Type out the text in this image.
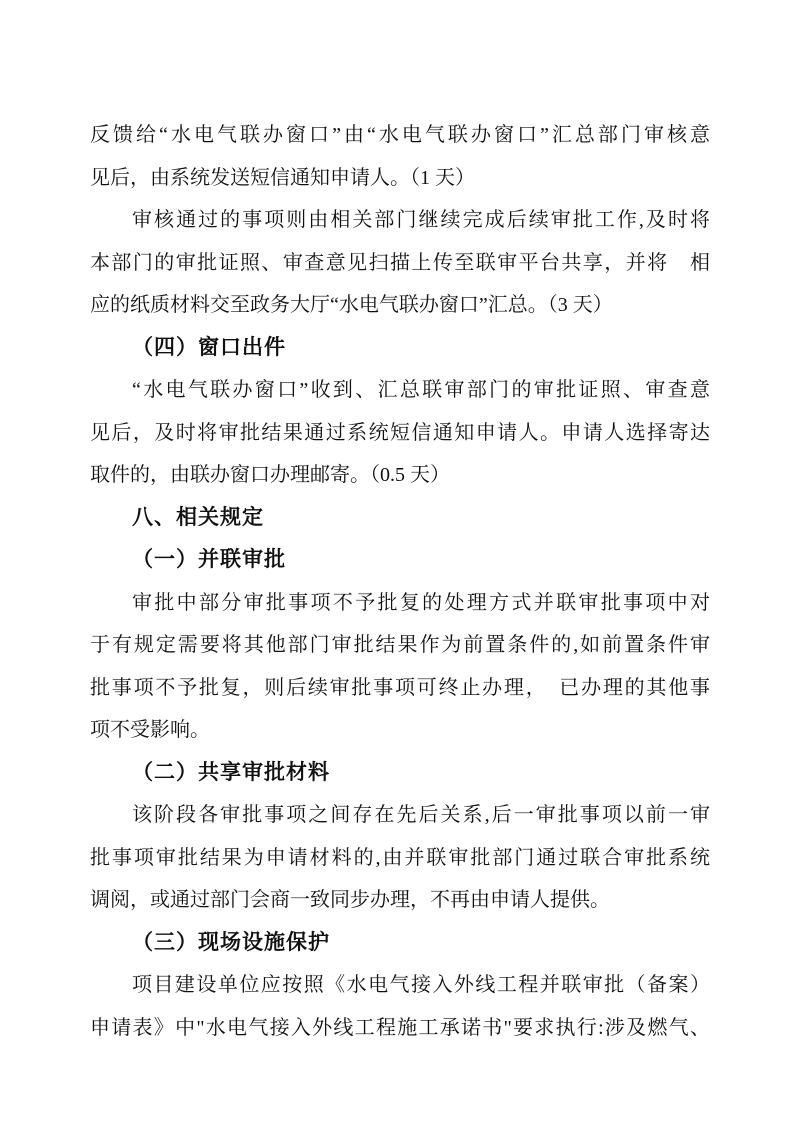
反馈给“水电气联办窗口”由“水电气联办窗口”汇总部门审核意
见后，由系统发送短信通知申请人。（1 天）

审核通过的事项则由相关部门继续完成后续审批工作,及时将
本部门的审批证照、审查意见扫描上传至联审平台共享，并将　相
应的纸质材料交至政务大厅“水电气联办窗口”汇总。（3 天）

（四）窗口出件

“水电气联办窗口”收到、汇总联审部门的审批证照、审查意
见后，及时将审批结果通过系统短信通知申请人。申请人选择寄达
取件的，由联办窗口办理邮寄。（0.5 天）

八、相关规定

（一）并联审批

审批中部分审批事项不予批复的处理方式并联审批事项中对
于有规定需要将其他部门审批结果作为前置条件的,如前置条件审
批事项不予批复，则后续审批事项可终止办理，　已办理的其他事
项不受影响。

（二）共享审批材料

该阶段各审批事项之间存在先后关系,后一审批事项以前一审
批事项审批结果为申请材料的,由并联审批部门通过联合审批系统
调阅，或通过部门会商一致同步办理，不再由申请人提供。

（三）现场设施保护

项目建设单位应按照《水电气接入外线工程并联审批（备案）
申请表》中"水电气接入外线工程施工承诺书"要求执行:涉及燃气、
